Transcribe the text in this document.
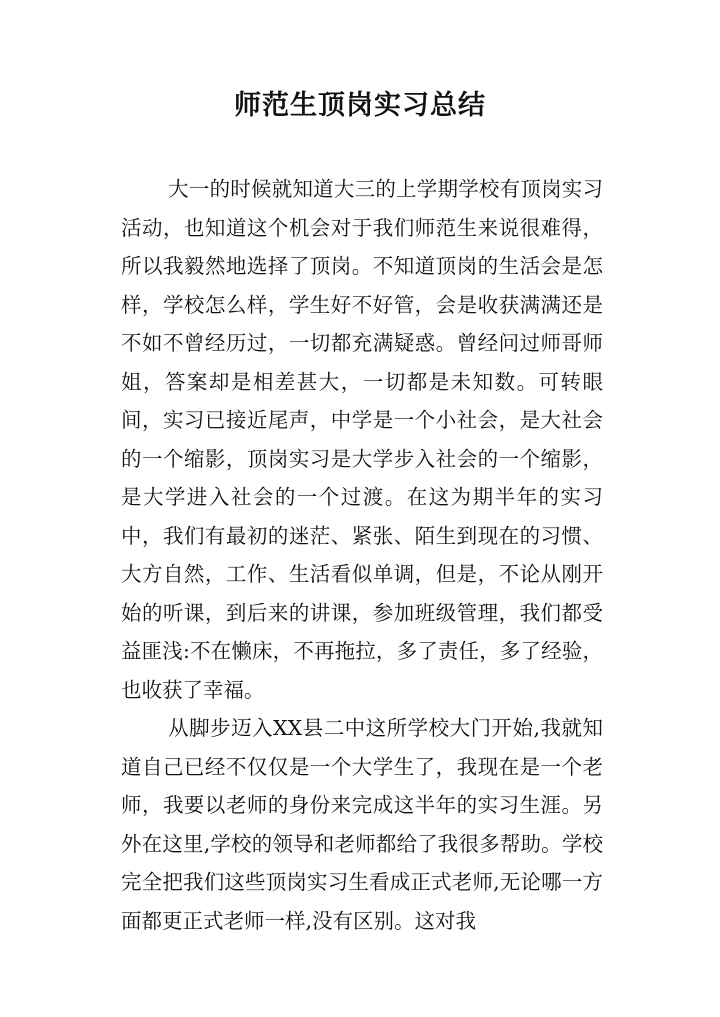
师范生顶岗实习总结

大一的时候就知道大三的上学期学校有顶岗实习活动，也知道这个机会对于我们师范生来说很难得，所以我毅然地选择了顶岗。不知道顶岗的生活会是怎样，学校怎么样，学生好不好管，会是收获满满还是不如不曾经历过，一切都充满疑惑。曾经问过师哥师姐，答案却是相差甚大，一切都是未知数。可转眼间，实习已接近尾声，中学是一个小社会，是大社会的一个缩影，顶岗实习是大学步入社会的一个缩影，是大学进入社会的一个过渡。在这为期半年的实习中，我们有最初的迷茫、紧张、陌生到现在的习惯、大方自然，工作、生活看似单调，但是，不论从刚开始的听课，到后来的讲课，参加班级管理，我们都受益匪浅:不在懒床，不再拖拉，多了责任，多了经验，也收获了幸福。

从脚步迈入XX县二中这所学校大门开始,我就知道自己已经不仅仅是一个大学生了，我现在是一个老师，我要以老师的身份来完成这半年的实习生涯。另外在这里,学校的领导和老师都给了我很多帮助。学校完全把我们这些顶岗实习生看成正式老师,无论哪一方面都更正式老师一样,没有区别。这对我
